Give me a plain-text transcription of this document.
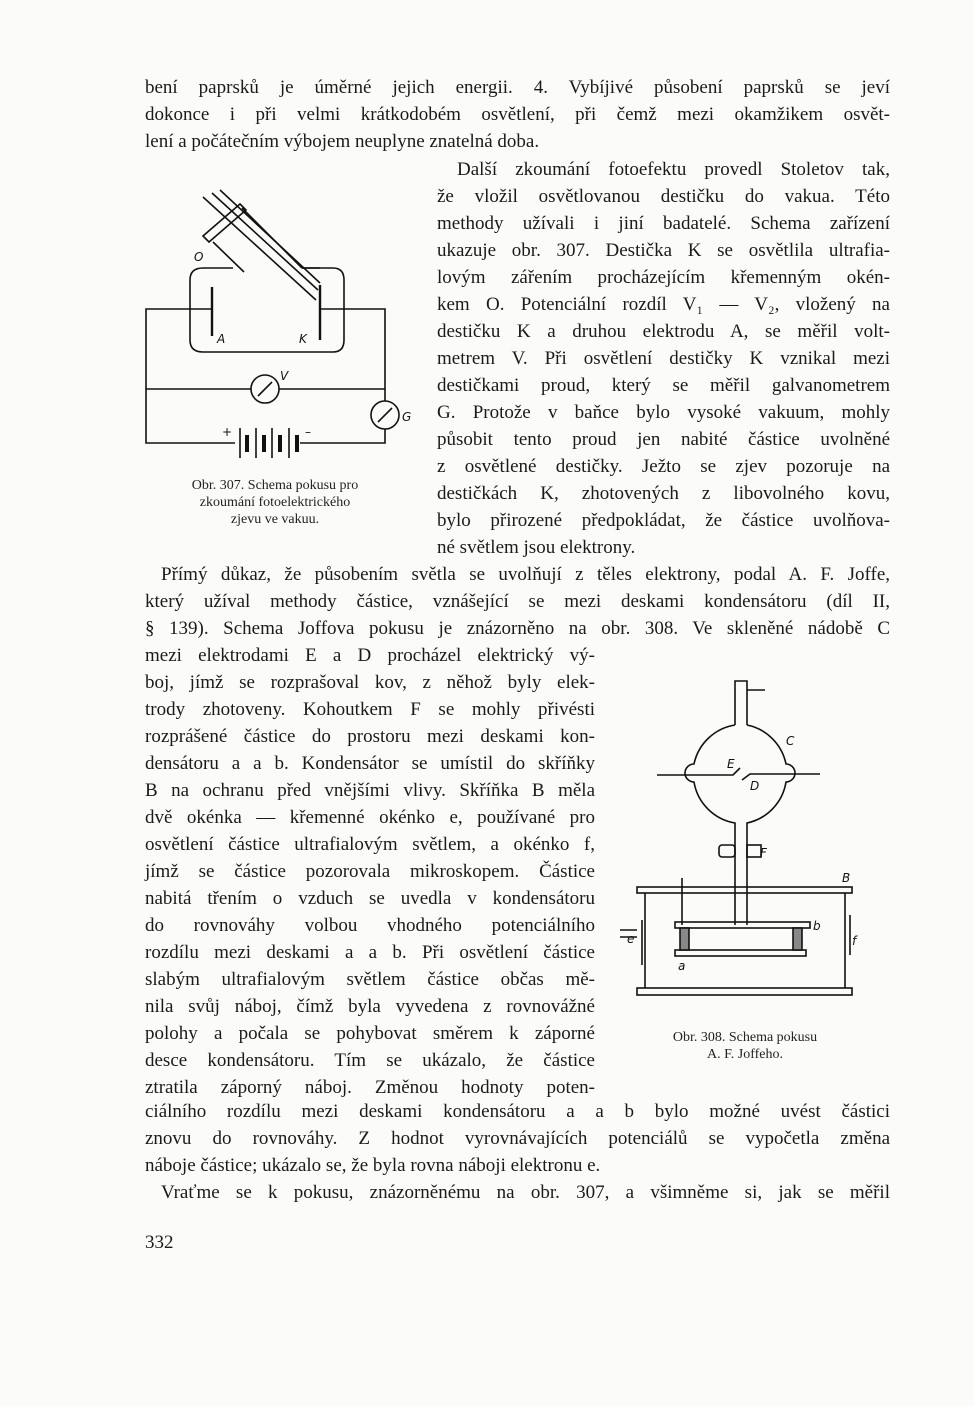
bení paprsků je úměrné jejich energii. 4. Vybíjivé působení paprsků se jeví
dokonce i při velmi krátkodobém osvětlení, při čemž mezi okamžikem osvět-
lení a počátečním výbojem neuplyne znatelná doba.
Další zkoumání fotoefektu provedl Stoletov tak,
že vložil osvětlovanou destičku do vakua. Této
methody užívali i jiní badatelé. Schema zařízení
ukazuje obr. 307. Destička K se osvětlila ultrafia-
lovým zářením procházejícím křemenným okén-
kem O. Potenciální rozdíl V₁ — V₂, vložený na
destičku K a druhou elektrodu A, se měřil volt-
metrem V. Při osvětlení destičky K vznikal mezi
destičkami proud, který se měřil galvanometrem
G. Protože v baňce bylo vysoké vakuum, mohly
působit tento proud jen nabité částice uvolněné
z osvětlené destičky. Ježto se zjev pozoruje na
destičkách K, zhotovených z libovolného kovu,
bylo přirozené předpokládat, že částice uvolňova-
né světlem jsou elektrony.
Přímý důkaz, že působením světla se uvolňují z těles elektrony, podal A. F. Joffe,
který užíval methody částice, vznášející se mezi deskami kondensátoru (díl II,
§ 139). Schema Joffova pokusu je znázorněno na obr. 308. Ve skleněné nádobě C
mezi elektrodami E a D procházel elektrický vý-
boj, jímž se rozprašoval kov, z něhož byly elek-
trody zhotoveny. Kohoutkem F se mohly přivésti
rozprášené částice do prostoru mezi deskami kon-
densátoru a a b. Kondensátor se umístil do skříňky
B na ochranu před vnějšími vlivy. Skříňka B měla
dvě okénka — křemenné okénko e, používané pro
osvětlení částice ultrafialovým světlem, a okénko f,
jímž se částice pozorovala mikroskopem. Částice
nabitá třením o vzduch se uvedla v kondensátoru
do rovnováhy volbou vhodného potenciálního
rozdílu mezi deskami a a b. Při osvětlení částice
slabým ultrafialovým světlem částice občas mě-
nila svůj náboj, čímž byla vyvedena z rovnovážné
polohy a počala se pohybovat směrem k záporné
desce kondensátoru. Tím se ukázalo, že částice
ztratila záporný náboj. Změnou hodnoty poten-
ciálního rozdílu mezi deskami kondensátoru a a b bylo možné uvést částici
znovu do rovnováhy. Z hodnot vyrovnávajících potenciálů se vypočetla změna
náboje částice; ukázalo se, že byla rovna náboji elektronu e.
Vraťme se k pokusu, znázorněnému na obr. 307, a všimněme si, jak se měřil
O
A	K
V
G
+	–
Obr. 307. Schema pokusu pro
zkoumání fotoelektrického
zjevu ve vakuu.
C
E
D
F
B
b
a
e	f
Obr. 308. Schema pokusu
A. F. Joffeho.
332
